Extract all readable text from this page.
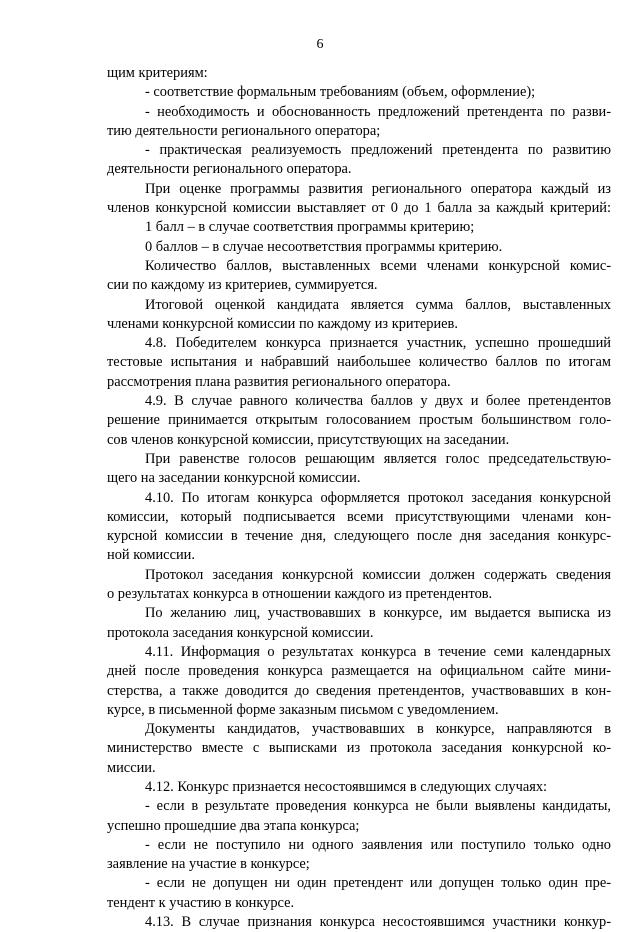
6
щим критериям:
- соответствие формальным требованиям (объем, оформление);
- необходимость и обоснованность предложений претендента по разви-
тию деятельности регионального оператора;
- практическая реализуемость предложений претендента по развитию
деятельности регионального оператора.
При оценке программы развития регионального оператора каждый из
членов конкурсной комиссии выставляет от 0 до 1 балла за каждый критерий:
1 балл – в случае соответствия программы критерию;
0 баллов – в случае несоответствия программы критерию.
Количество баллов, выставленных всеми членами конкурсной комис-
сии по каждому из критериев, суммируется.
Итоговой оценкой кандидата является сумма баллов, выставленных
членами конкурсной комиссии по каждому из критериев.
4.8. Победителем конкурса признается участник, успешно прошедший
тестовые испытания и набравший наибольшее количество баллов по итогам
рассмотрения плана развития регионального оператора.
4.9. В случае равного количества баллов у двух и более претендентов
решение принимается открытым голосованием простым большинством голо-
сов членов конкурсной комиссии, присутствующих на заседании.
При равенстве голосов решающим является голос председательствую-
щего на заседании конкурсной комиссии.
4.10. По итогам конкурса оформляется протокол заседания конкурсной
комиссии, который подписывается всеми присутствующими членами кон-
курсной комиссии в течение дня, следующего после дня заседания конкурс-
ной комиссии.
Протокол заседания конкурсной комиссии должен содержать сведения
о результатах конкурса в отношении каждого из претендентов.
По желанию лиц, участвовавших в конкурсе, им выдается выписка из
протокола заседания конкурсной комиссии.
4.11. Информация о результатах конкурса в течение семи календарных
дней после проведения конкурса размещается на официальном сайте мини-
стерства, а также доводится до сведения претендентов, участвовавших в кон-
курсе, в письменной форме заказным письмом с уведомлением.
Документы кандидатов, участвовавших в конкурсе, направляются в
министерство вместе с выписками из протокола заседания конкурсной ко-
миссии.
4.12. Конкурс признается несостоявшимся в следующих случаях:
- если в результате проведения конкурса не были выявлены кандидаты,
успешно прошедшие два этапа конкурса;
- если не поступило ни одного заявления или поступило только одно
заявление на участие в конкурсе;
- если не допущен ни один претендент или допущен только один пре-
тендент к участию в конкурсе.
4.13. В случае признания конкурса несостоявшимся участники конкур-
